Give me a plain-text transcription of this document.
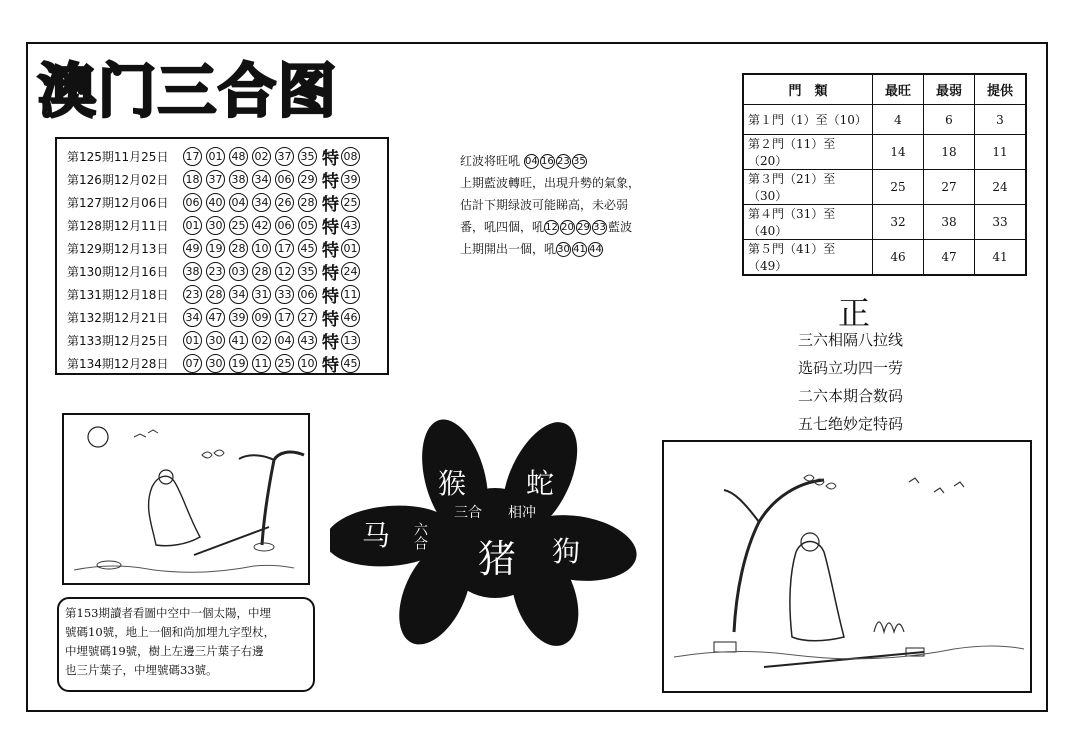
澳门三合图
第125期11月25日	17 01 48 02 37 35 特 08
第126期12月02日	18 37 38 34 06 29 特 39
第127期12月06日	06 40 04 34 26 28 特 25
第128期12月11日	01 30 25 42 06 05 特 43
第129期12月13日	49 19 28 10 17 45 特 01
第130期12月16日	38 23 03 28 12 35 特 24
第131期12月18日	23 28 34 31 33 06 特 11
第132期12月21日	34 47 39 09 17 27 特 46
第133期12月25日	01 30 41 02 04 43 特 13
第134期12月28日	07 30 19 11 25 10 特 45
红波将旺吼 04 16 23 35
上期藍波轉旺，出現升勢的氣象，
估計下期绿波可能睇高，未必弱
番，吼四個，吼12 20 29 33 藍波
上期開出一個，吼30 41 44
門　類	最旺	最弱	提供
第１門（1）至（10）	4	6	3
第２門（11）至（20）	14	18	11
第３門（21）至（30）	25	27	24
第４門（31）至（40）	32	38	33
第５門（41）至（49）	46	47	41
正
三六相隔八拉线
选码立功四一劳
二六本期合数码
五七绝妙定特码
第153期讀者看圖中空中一個太陽，中埋
號碼10號，地上一個和尚加埋九字型杖，
中埋號碼19號，樹上左邊三片葉子右邊
也三片葉子，中埋號碼33號。
猴 蛇
马
猪 狗
三合 相冲
六合
